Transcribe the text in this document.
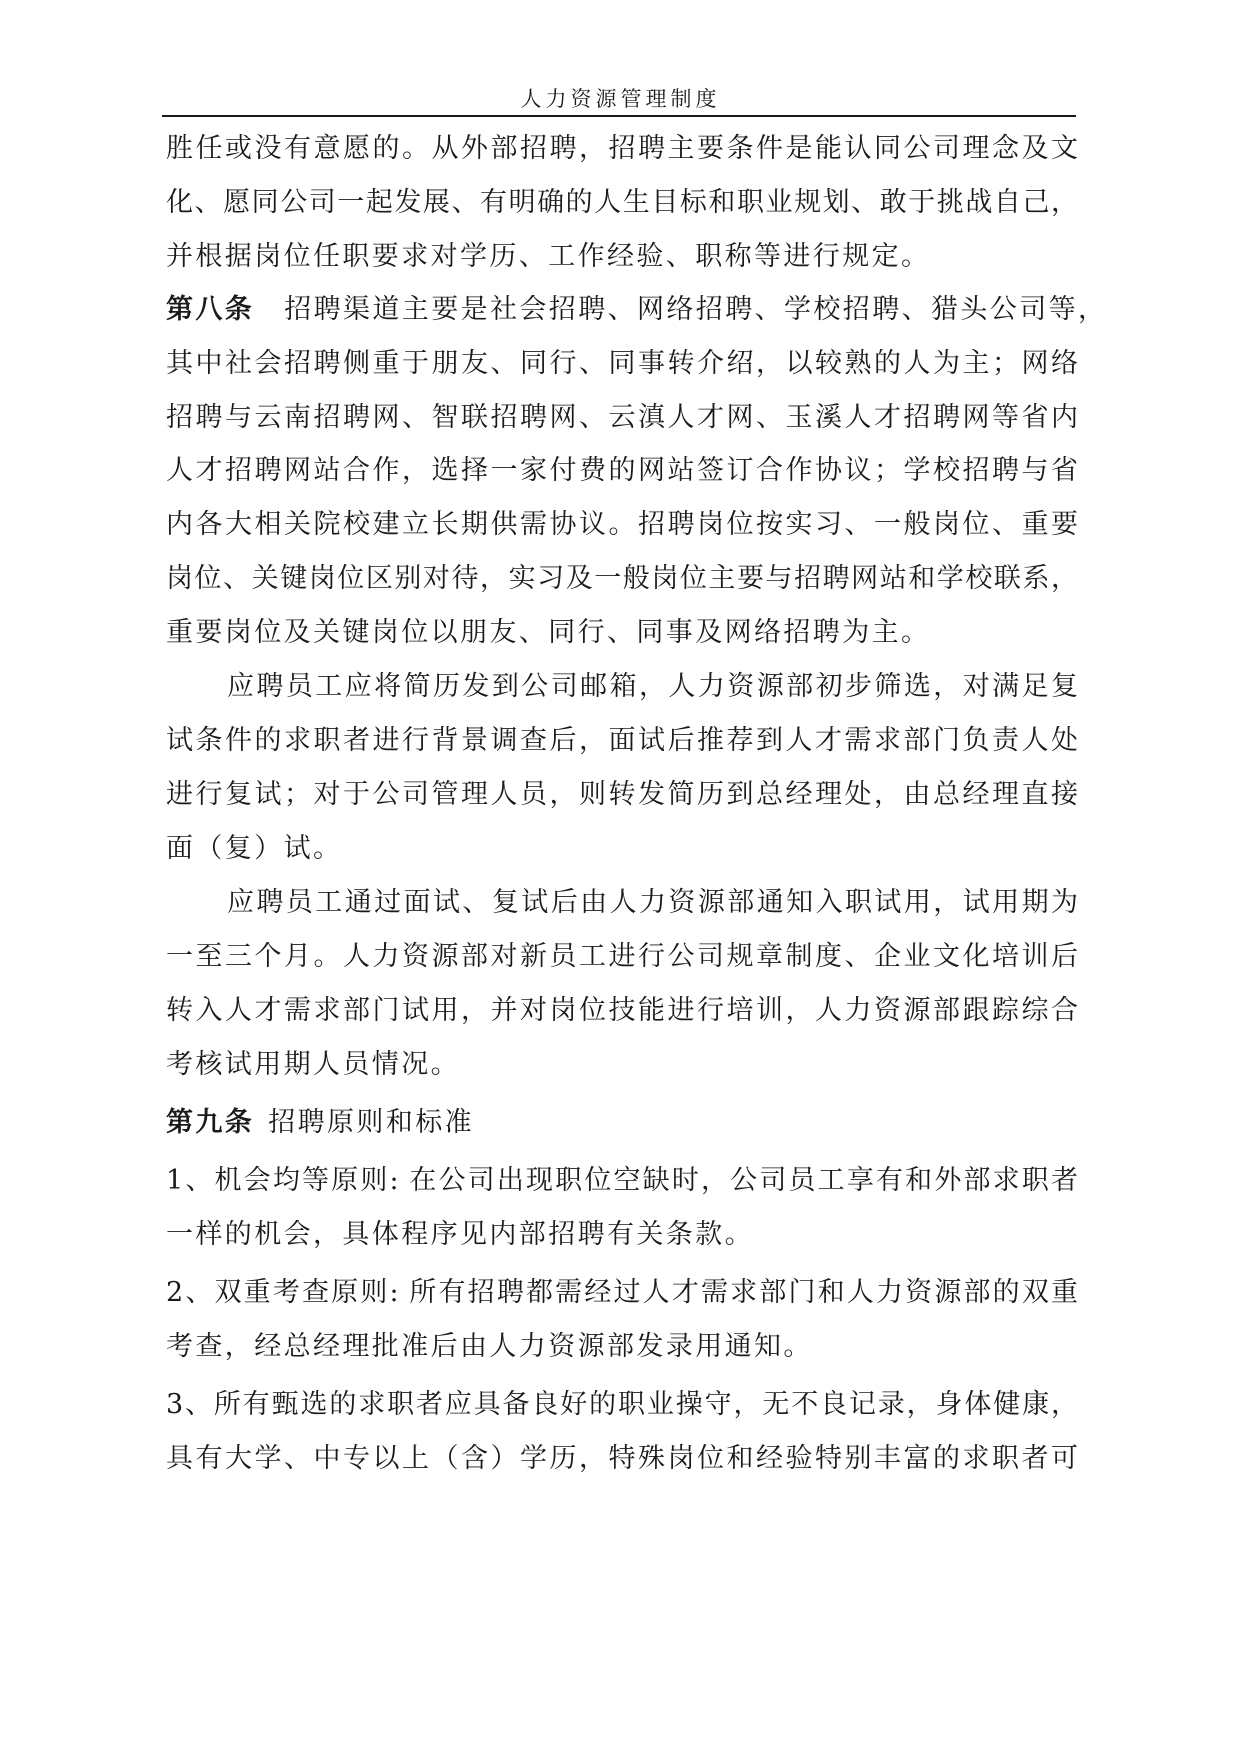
人力资源管理制度
胜任或没有意愿的。从外部招聘，招聘主要条件是能认同公司理念及文
化、愿同公司一起发展、有明确的人生目标和职业规划、敢于挑战自己，
并根据岗位任职要求对学历、工作经验、职称等进行规定。
第八条 招聘渠道主要是社会招聘、网络招聘、学校招聘、猎头公司等，
其中社会招聘侧重于朋友、同行、同事转介绍，以较熟的人为主；网络
招聘与云南招聘网、智联招聘网、云滇人才网、玉溪人才招聘网等省内
人才招聘网站合作，选择一家付费的网站签订合作协议；学校招聘与省
内各大相关院校建立长期供需协议。招聘岗位按实习、一般岗位、重要
岗位、关键岗位区别对待，实习及一般岗位主要与招聘网站和学校联系，
重要岗位及关键岗位以朋友、同行、同事及网络招聘为主。
应聘员工应将简历发到公司邮箱，人力资源部初步筛选，对满足复
试条件的求职者进行背景调查后，面试后推荐到人才需求部门负责人处
进行复试；对于公司管理人员，则转发简历到总经理处，由总经理直接
面（复）试。
应聘员工通过面试、复试后由人力资源部通知入职试用，试用期为
一至三个月。人力资源部对新员工进行公司规章制度、企业文化培训后
转入人才需求部门试用，并对岗位技能进行培训，人力资源部跟踪综合
考核试用期人员情况。
第九条 招聘原则和标准
1、机会均等原则: 在公司出现职位空缺时，公司员工享有和外部求职者
一样的机会，具体程序见内部招聘有关条款。
2、双重考查原则: 所有招聘都需经过人才需求部门和人力资源部的双重
考查，经总经理批准后由人力资源部发录用通知。
3、所有甄选的求职者应具备良好的职业操守，无不良记录，身体健康，
具有大学、中专以上（含）学历，特殊岗位和经验特别丰富的求职者可
